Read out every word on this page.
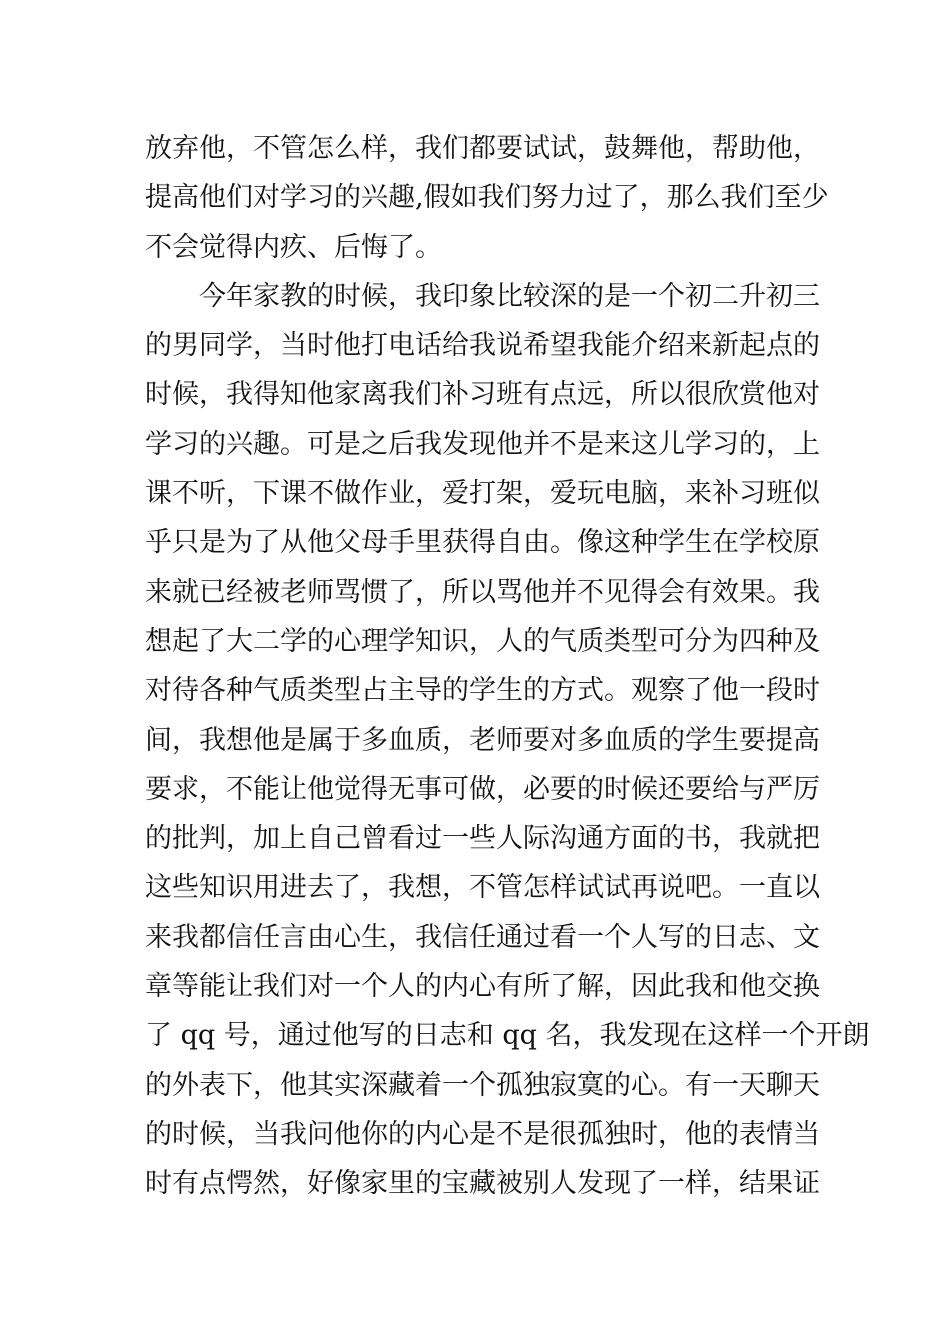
放弃他，不管怎么样，我们都要试试，鼓舞他，帮助他，
提高他们对学习的兴趣,假如我们努力过了，那么我们至少
不会觉得内疚、后悔了。
今年家教的时候，我印象比较深的是一个初二升初三
的男同学，当时他打电话给我说希望我能介绍来新起点的
时候，我得知他家离我们补习班有点远，所以很欣赏他对
学习的兴趣。可是之后我发现他并不是来这儿学习的，上
课不听，下课不做作业，爱打架，爱玩电脑，来补习班似
乎只是为了从他父母手里获得自由。像这种学生在学校原
来就已经被老师骂惯了，所以骂他并不见得会有效果。我
想起了大二学的心理学知识，人的气质类型可分为四种及
对待各种气质类型占主导的学生的方式。观察了他一段时
间，我想他是属于多血质，老师要对多血质的学生要提高
要求，不能让他觉得无事可做，必要的时候还要给与严厉
的批判，加上自己曾看过一些人际沟通方面的书，我就把
这些知识用进去了，我想，不管怎样试试再说吧。一直以
来我都信任言由心生，我信任通过看一个人写的日志、文
章等能让我们对一个人的内心有所了解，因此我和他交换
了 qq 号，通过他写的日志和 qq 名，我发现在这样一个开朗
的外表下，他其实深藏着一个孤独寂寞的心。有一天聊天
的时候，当我问他你的内心是不是很孤独时，他的表情当
时有点愕然，好像家里的宝藏被别人发现了一样，结果证
